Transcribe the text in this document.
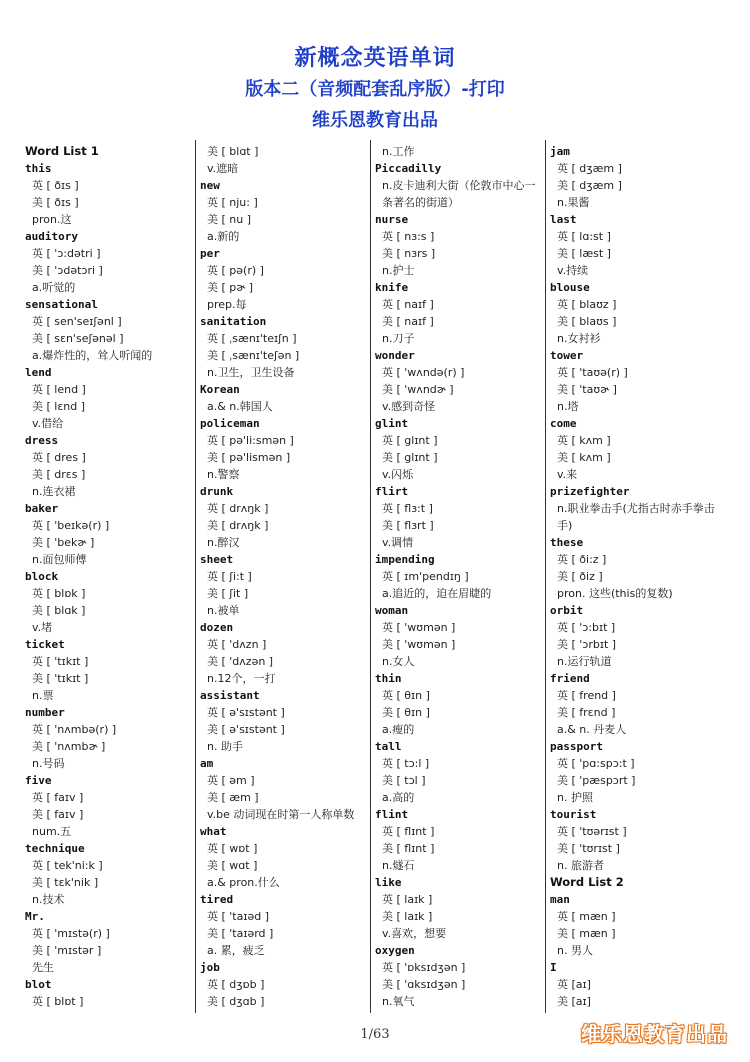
新概念英语单词
版本二（音频配套乱序版）-打印
维乐恩教育出品
Word List 1
this
英 [ ðɪs ]
美 [ ðɪs ]
pron.这
auditory
英 [ 'ɔ:dətri ]
美 [ 'ɔdətɔri ]
a.听觉的
sensational
英 [ sen'seɪʃənl ]
美 [ sɛn'seʃənəl ]
a.爆炸性的，耸人听闻的
lend
英 [ lend ]
美 [ lɛnd ]
v.借给
dress
英 [ dres ]
美 [ drɛs ]
n.连衣裙
baker
英 [ 'beɪkə(r) ]
美 [ 'bekɚ ]
n.面包师傅
block
英 [ blɒk ]
美 [ blɑk ]
v.堵
ticket
英 [ 'tɪkɪt ]
美 [ 'tɪkɪt ]
n.票
number
英 [ 'nʌmbə(r) ]
美 [ 'nʌmbɚ ]
n.号码
five
英 [ faɪv ]
美 [ faɪv ]
num.五
technique
英 [ tek'ni:k ]
美 [ tɛk'nik ]
n.技术
Mr.
英 [ 'mɪstə(r) ]
美 [ 'mɪstər ]
先生
blot
英 [ blɒt ]
美 [ blɑt ]
v.遮暗
new
英 [ nju: ]
美 [ nu ]
a.新的
per
英 [ pə(r) ]
美 [ pɚ ]
prep.每
sanitation
英 [ ˌsænɪ'teɪʃn ]
美 [ ˌsænɪ'teʃən ]
n.卫生，卫生设备
Korean
a.& n.韩国人
policeman
英 [ pə'li:smən ]
美 [ pə'lismən ]
n.警察
drunk
英 [ drʌŋk ]
美 [ drʌŋk ]
n.醉汉
sheet
英 [ ʃi:t ]
美 [ ʃit ]
n.被单
dozen
英 [ 'dʌzn ]
美 [ 'dʌzən ]
n.12个，一打
assistant
英 [ ə'sɪstənt ]
美 [ ə'sɪstənt ]
n. 助手
am
英 [ əm ]
美 [ æm ]
v.be 动词现在时第一人称单数
what
英 [ wɒt ]
美 [ wɑt ]
a.& pron.什么
tired
英 [ 'taɪəd ]
美 [ 'taɪərd ]
a. 累，疲乏
job
英 [ dʒɒb ]
美 [ dʒɑb ]
n.工作
Piccadilly
n.皮卡迪利大街（伦敦市中心一条著名的街道）
nurse
英 [ nɜ:s ]
美 [ nɜrs ]
n.护士
knife
英 [ naɪf ]
美 [ naɪf ]
n.刀子
wonder
英 [ 'wʌndə(r) ]
美 [ 'wʌndɚ ]
v.感到奇怪
glint
英 [ glɪnt ]
美 [ glɪnt ]
v.闪烁
flirt
英 [ flɜ:t ]
美 [ flɜrt ]
v.调情
impending
英 [ ɪm'pendɪŋ ]
a.追近的，迫在眉睫的
woman
英 [ 'wʊmən ]
美 [ 'wʊmən ]
n.女人
thin
英 [ θɪn ]
美 [ θɪn ]
a.瘦的
tall
英 [ tɔ:l ]
美 [ tɔl ]
a.高的
flint
英 [ flɪnt ]
美 [ flɪnt ]
n.燧石
like
英 [ laɪk ]
美 [ laɪk ]
v.喜欢，想要
oxygen
英 [ 'ɒksɪdʒən ]
美 [ 'ɑksɪdʒən ]
n.氧气
jam
英 [ dʒæm ]
美 [ dʒæm ]
n.果酱
last
英 [ lɑ:st ]
美 [ læst ]
v.持续
blouse
英 [ blaʊz ]
美 [ blaʊs ]
n.女衬衫
tower
英 [ 'taʊə(r) ]
美 [ 'taʊɚ ]
n.塔
come
英 [ kʌm ]
美 [ kʌm ]
v.来
prizefighter
n.职业拳击手(尤指古时赤手拳击手)
these
英 [ ði:z ]
美 [ ðiz ]
pron. 这些(this的复数)
orbit
英 [ 'ɔ:bɪt ]
美 [ 'ɔrbɪt ]
n.运行轨道
friend
英 [ frend ]
美 [ frɛnd ]
a.& n. 丹麦人
passport
英 [ 'pɑ:spɔ:t ]
美 [ 'pæspɔrt ]
n. 护照
tourist
英 [ 'tʊərɪst ]
美 [ 'tʊrɪst ]
n. 旅游者
Word List 2
man
英 [ mæn ]
美 [ mæn ]
n. 男人
I
英 [aɪ]
美 [aɪ]
1/63	维乐恩教育出品
